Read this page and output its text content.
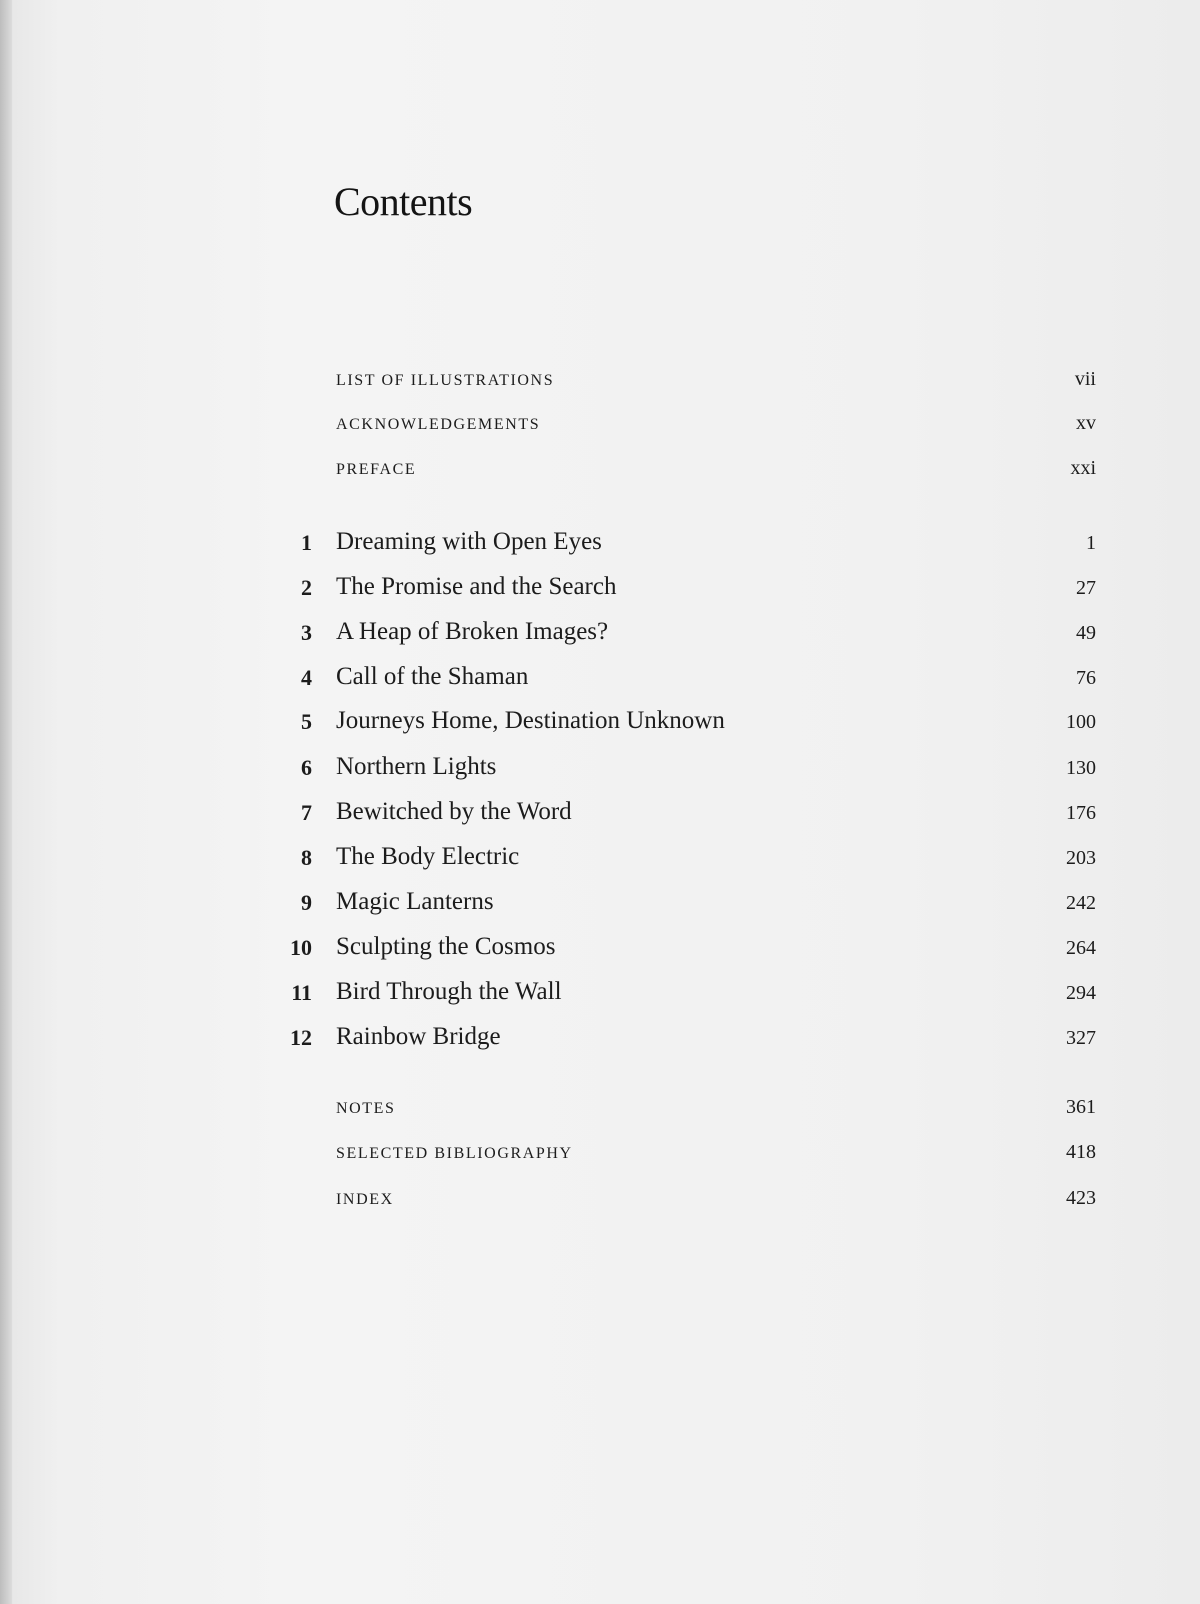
Contents
LIST OF ILLUSTRATIONS	vii
ACKNOWLEDGEMENTS	xv
PREFACE	xxi
1 Dreaming with Open Eyes	1
2 The Promise and the Search	27
3 A Heap of Broken Images?	49
4 Call of the Shaman	76
5 Journeys Home, Destination Unknown	100
6 Northern Lights	130
7 Bewitched by the Word	176
8 The Body Electric	203
9 Magic Lanterns	242
10 Sculpting the Cosmos	264
11 Bird Through the Wall	294
12 Rainbow Bridge	327
NOTES	361
SELECTED BIBLIOGRAPHY	418
INDEX	423
